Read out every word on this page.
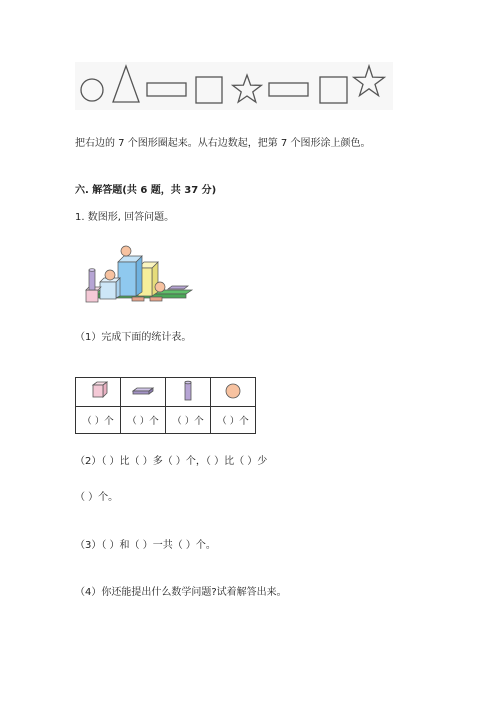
把右边的 7 个图形圈起来。从右边数起，把第 7 个图形涂上颜色。
六. 解答题(共 6 题，共 37 分)
1. 数图形, 回答问题。
（1）完成下面的统计表。

（ ）个	（ ）个	（ ）个	（ ）个
（2）（ ）比（ ）多（ ）个，（ ）比（ ）少
（ ）个。
（3）（ ）和（ ）一共（ ）个。
（4）你还能提出什么数学问题?试着解答出来。
